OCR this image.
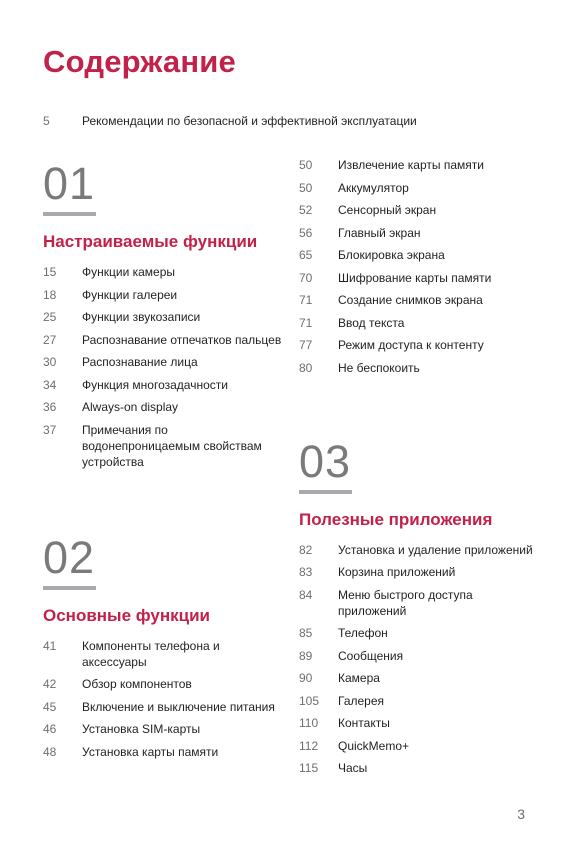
Содержание
5	Рекомендации по безопасной и эффективной эксплуатации
01
Настраиваемые функции
15	Функции камеры
18	Функции галереи
25	Функции звукозаписи
27	Распознавание отпечатков пальцев
30	Распознавание лица
34	Функция многозадачности
36	Always-on display
37	Примечания по водонепроницаемым свойствам устройства
02
Основные функции
41	Компоненты телефона и аксессуары
42	Обзор компонентов
45	Включение и выключение питания
46	Установка SIM-карты
48	Установка карты памяти
50	Извлечение карты памяти
50	Аккумулятор
52	Сенсорный экран
56	Главный экран
65	Блокировка экрана
70	Шифрование карты памяти
71	Создание снимков экрана
71	Ввод текста
77	Режим доступа к контенту
80	Не беспокоить
03
Полезные приложения
82	Установка и удаление приложений
83	Корзина приложений
84	Меню быстрого доступа приложений
85	Телефон
89	Сообщения
90	Камера
105	Галерея
110	Контакты
112	QuickMemo+
115	Часы
3
